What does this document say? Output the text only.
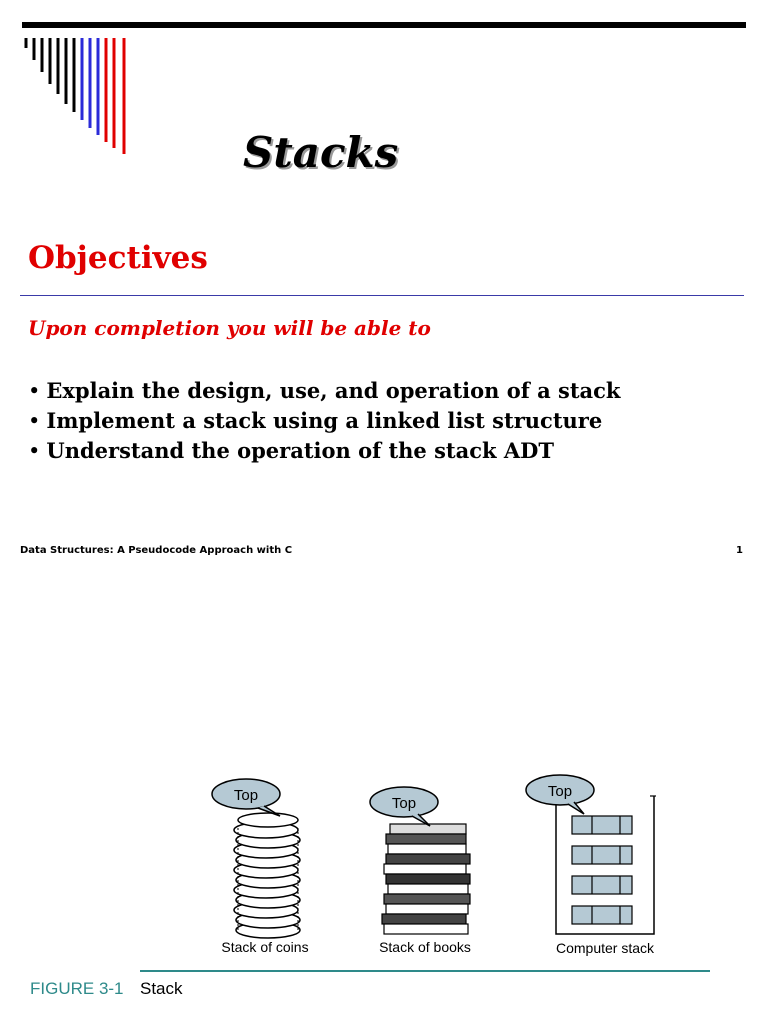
Stacks
Objectives

Upon completion you will be able to

• Explain the design, use, and operation of a stack
• Implement a stack using a linked list structure
• Understand the operation of the stack ADT
Data Structures: A Pseudocode Approach with C	1
Top	Top
Top
Stack of coins	Stack of books	Computer stack
FIGURE 3-1 Stack
